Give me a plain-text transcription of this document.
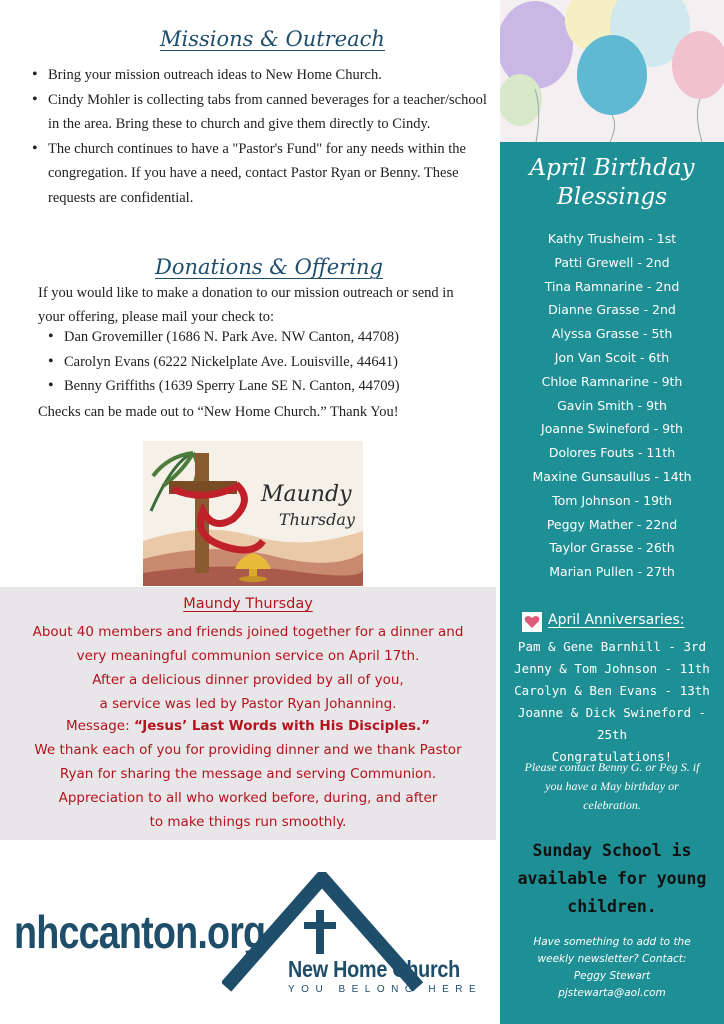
Missions & Outreach
• Bring your mission outreach ideas to New Home Church.
• Cindy Mohler is collecting tabs from canned beverages for a teacher/school in the area. Bring these to church and give them directly to Cindy.
• The church continues to have a "Pastor's Fund" for any needs within the congregation. If you have a need, contact Pastor Ryan or Benny. These requests are confidential.
Donations & Offering
If you would like to make a donation to our mission outreach or send in your offering, please mail your check to:
• Dan Grovemiller (1686 N. Park Ave. NW Canton, 44708)
• Carolyn Evans (6222 Nickelplate Ave. Louisville, 44641)
• Benny Griffiths (1639 Sperry Lane SE N. Canton, 44709)
Checks can be made out to “New Home Church.” Thank You!
Maundy
Thursday
Maundy Thursday
About 40 members and friends joined together for a dinner and
very meaningful communion service on April 17th.
After a delicious dinner provided by all of you,
a service was led by Pastor Ryan Johanning.
Message: “Jesus’ Last Words with His Disciples.”
We thank each of you for providing dinner and we thank Pastor
Ryan for sharing the message and serving Communion.
Appreciation to all who worked before, during, and after
to make things run smoothly.
nhccanton.org
New Home Church
YOU BELONG HERE
April Birthday
Blessings
Kathy Trusheim - 1st
Patti Grewell - 2nd
Tina Ramnarine - 2nd
Dianne Grasse - 2nd
Alyssa Grasse - 5th
Jon Van Scoit - 6th
Chloe Ramnarine - 9th
Gavin Smith - 9th
Joanne Swineford - 9th
Dolores Fouts - 11th
Maxine Gunsaullus - 14th
Tom Johnson - 19th
Peggy Mather - 22nd
Taylor Grasse - 26th
Marian Pullen - 27th
April Anniversaries:
Pam & Gene Barnhill - 3rd
Jenny & Tom Johnson - 11th
Carolyn & Ben Evans - 13th
Joanne & Dick Swineford - 25th
Congratulations!
Please contact Benny G. or Peg S. if you have a May birthday or celebration.
Sunday School is available for young children.
Have something to add to the
weekly newsletter? Contact:
Peggy Stewart
pjstewarta@aol.com
